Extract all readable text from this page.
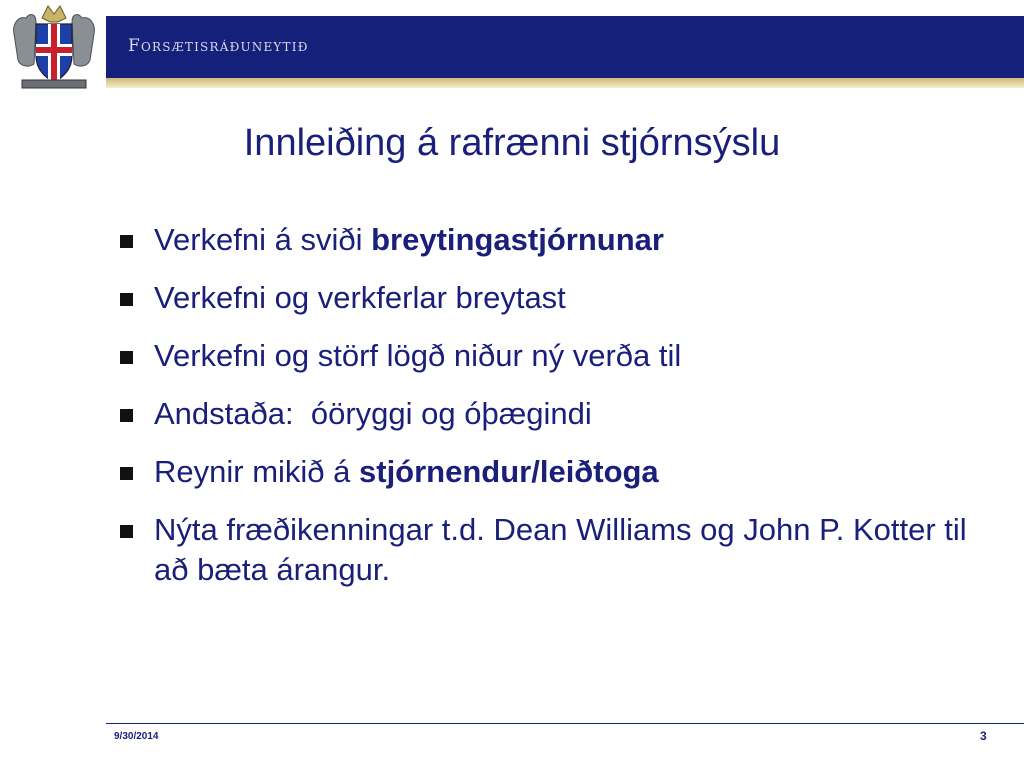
Forsætisráðuneytið
Innleiðing á rafrænni stjórnsýslu
Verkefni á sviði breytingastjórnunar
Verkefni og verkferlar breytast
Verkefni og störf lögð niður ný verða til
Andstaða:  óöryggi og óþægindi
Reynir mikið á stjórnendur/leiðtoga
Nýta fræðikenningar t.d. Dean Williams og John P. Kotter til að bæta árangur.
9/30/2014	3
